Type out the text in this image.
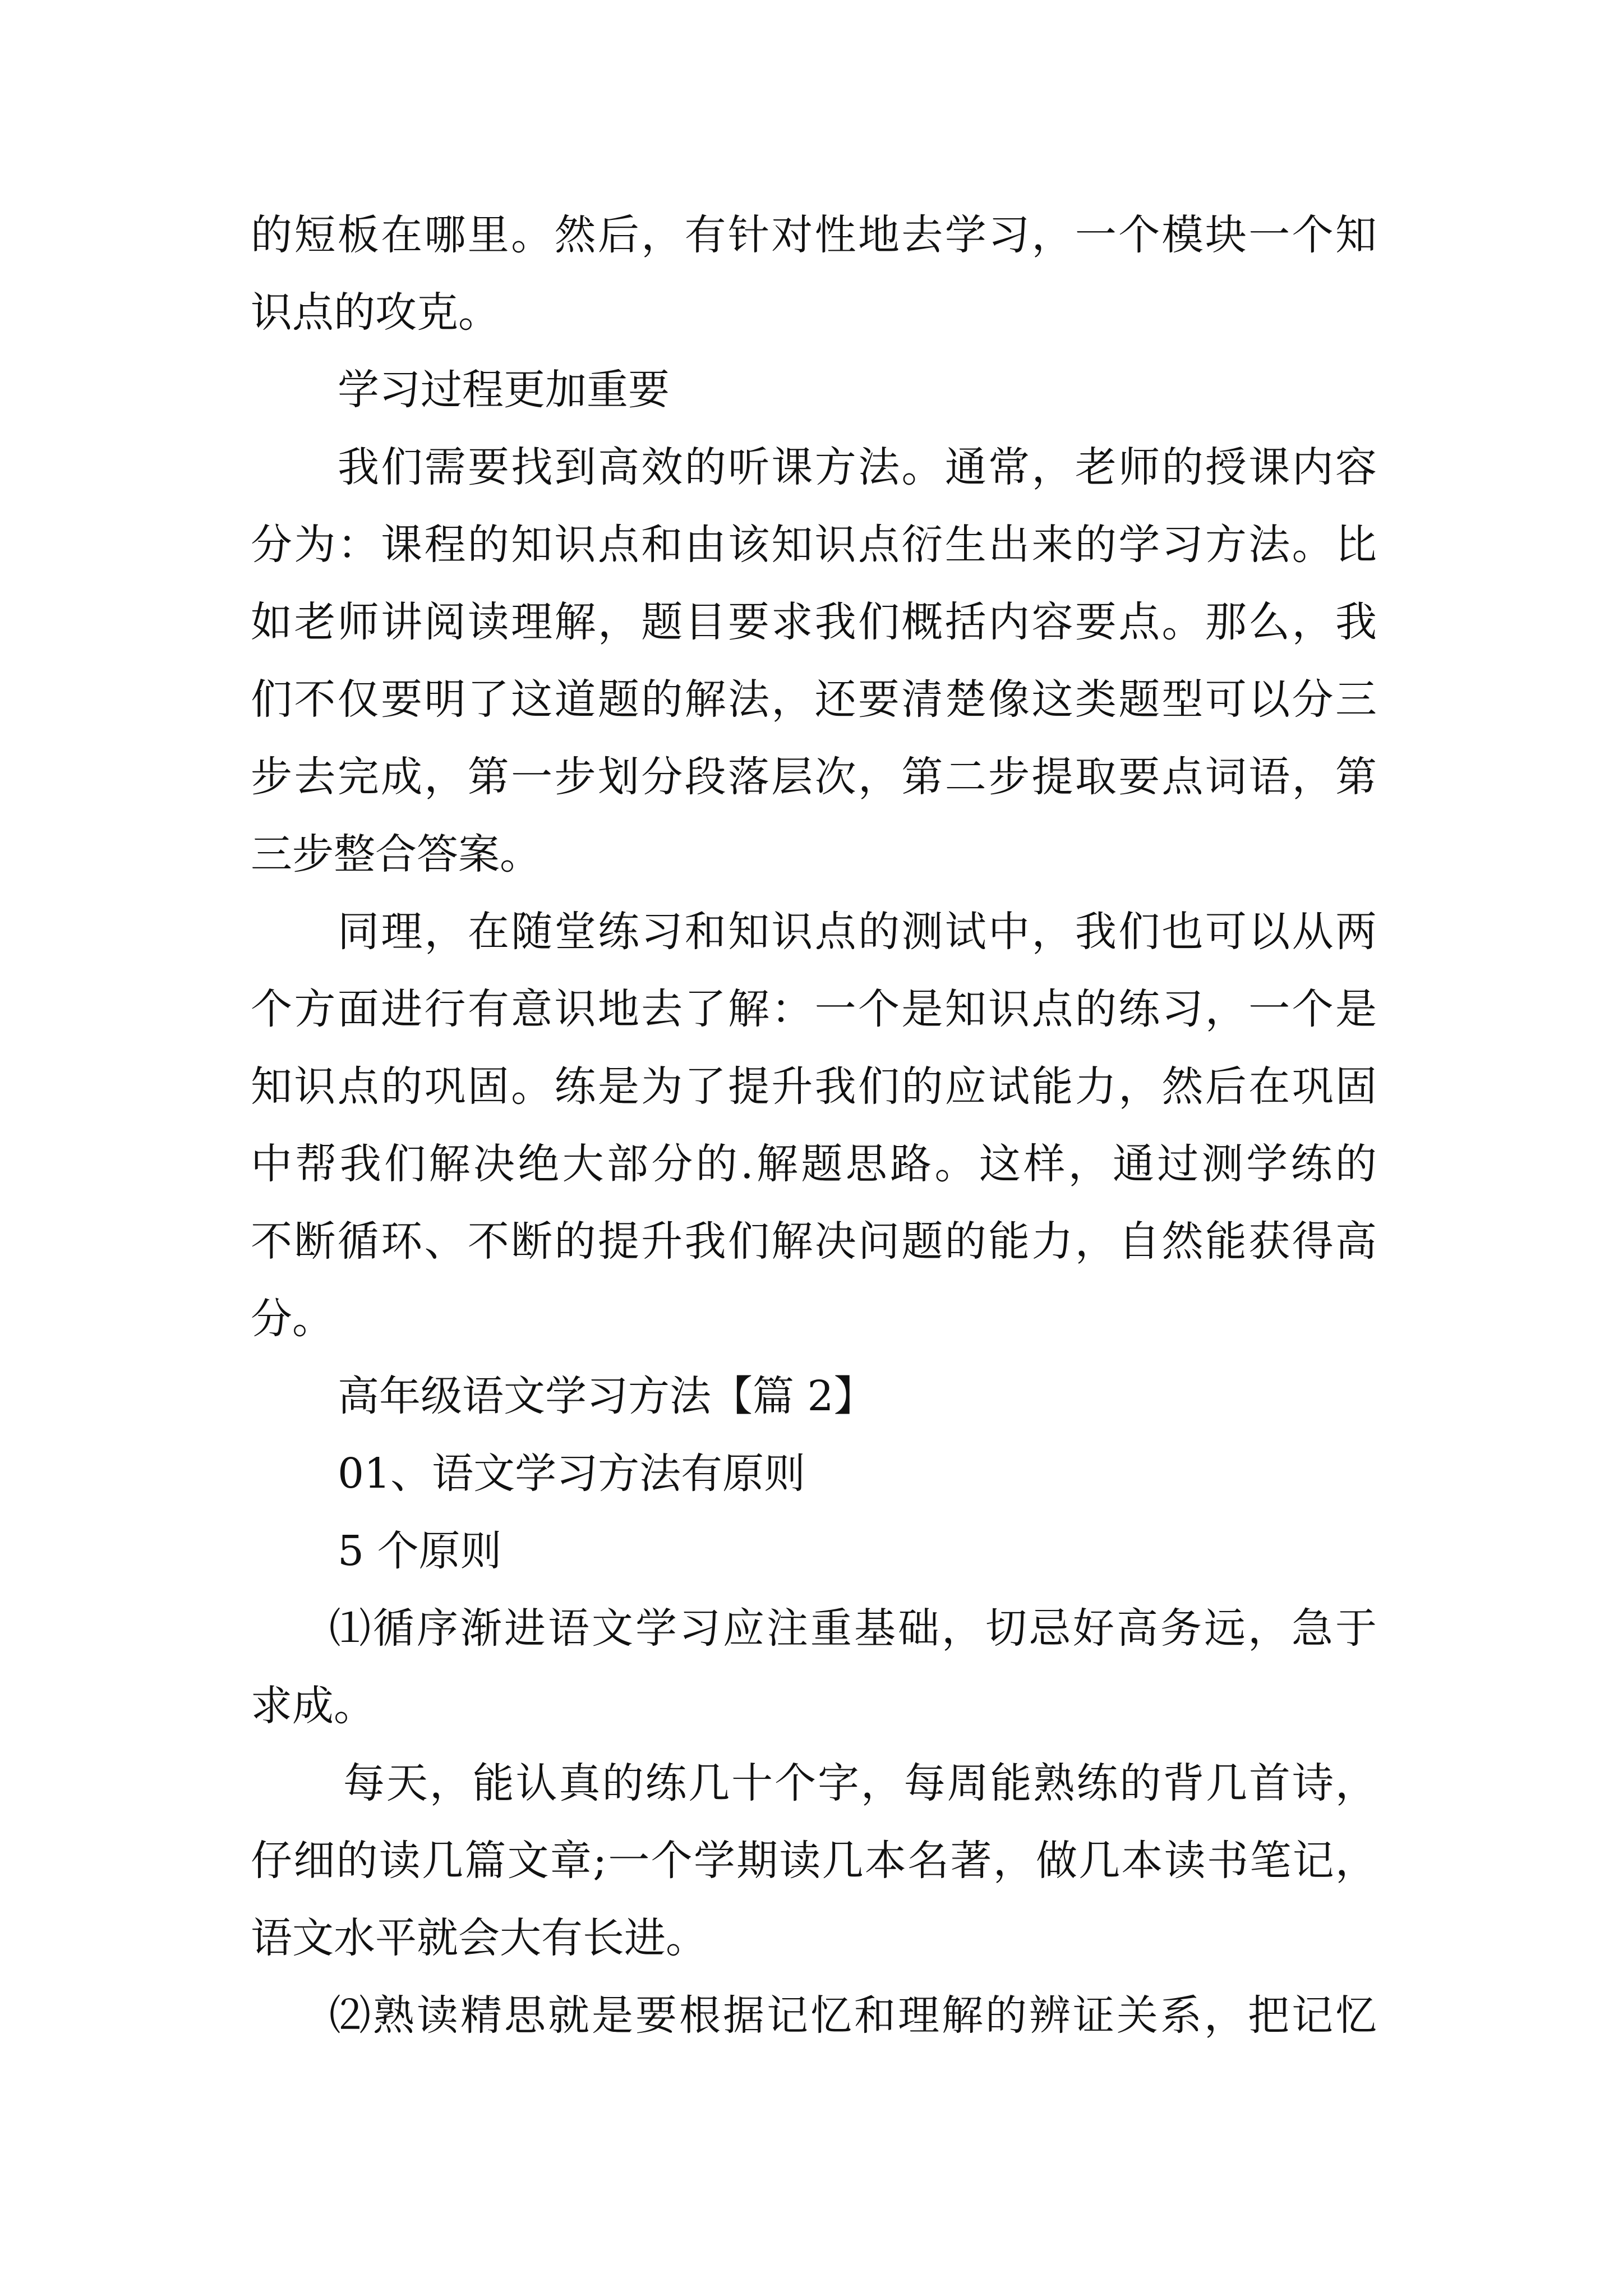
的 短 板 在 哪 里 。 然 后 ， 有 针 对 性 地 去 学 习 ， 一 个 模 块 一 个 知
识点的攻克。
学习过程更加重要
我 们 需 要 找 到 高 效 的 听 课 方 法 。 通 常 ， 老 师 的 授 课 内 容
分 为 ： 课 程 的 知 识 点 和 由 该 知 识 点 衍 生 出 来 的 学 习 方 法 。 比
如 老 师 讲 阅 读 理 解 ， 题 目 要 求 我 们 概 括 内 容 要 点 。 那 么 ， 我
们 不 仅 要 明 了 这 道 题 的 解 法 ， 还 要 清 楚 像 这 类 题 型 可 以 分 三
步 去 完 成 ， 第 一 步 划 分 段 落 层 次 ， 第 二 步 提 取 要 点 词 语 ， 第
三步整合答案。
同 理 ， 在 随 堂 练 习 和 知 识 点 的 测 试 中 ， 我 们 也 可 以 从 两
个 方 面 进 行 有 意 识 地 去 了 解 ： 一 个 是 知 识 点 的 练 习 ， 一 个 是
知 识 点 的 巩 固 。 练 是 为 了 提 升 我 们 的 应 试 能 力 ， 然 后 在 巩 固
中 帮 我 们 解 决 绝 大 部 分 的 . 解 题 思 路 。 这 样 ， 通 过 测 学 练 的
不 断 循 环 、 不 断 的 提 升 我 们 解 决 问 题 的 能 力 ， 自 然 能 获 得 高
分。
高年级语文学习方法【篇 2】
01、语文学习方法有原则
5 个原则
⑴ 循 序 渐 进 语 文 学 习 应 注 重 基 础 ， 切 忌 好 高 务 远 ， 急 于
求成。
每 天 ， 能 认 真 的 练 几 十 个 字 ， 每 周 能 熟 练 的 背 几 首 诗 ，
仔 细 的 读 几 篇 文 章 ; 一 个 学 期 读 几 本 名 著 ， 做 几 本 读 书 笔 记 ，
语文水平就会大有长进。
⑵ 熟 读 精 思 就 是 要 根 据 记 忆 和 理 解 的 辨 证 关 系 ， 把 记 忆
